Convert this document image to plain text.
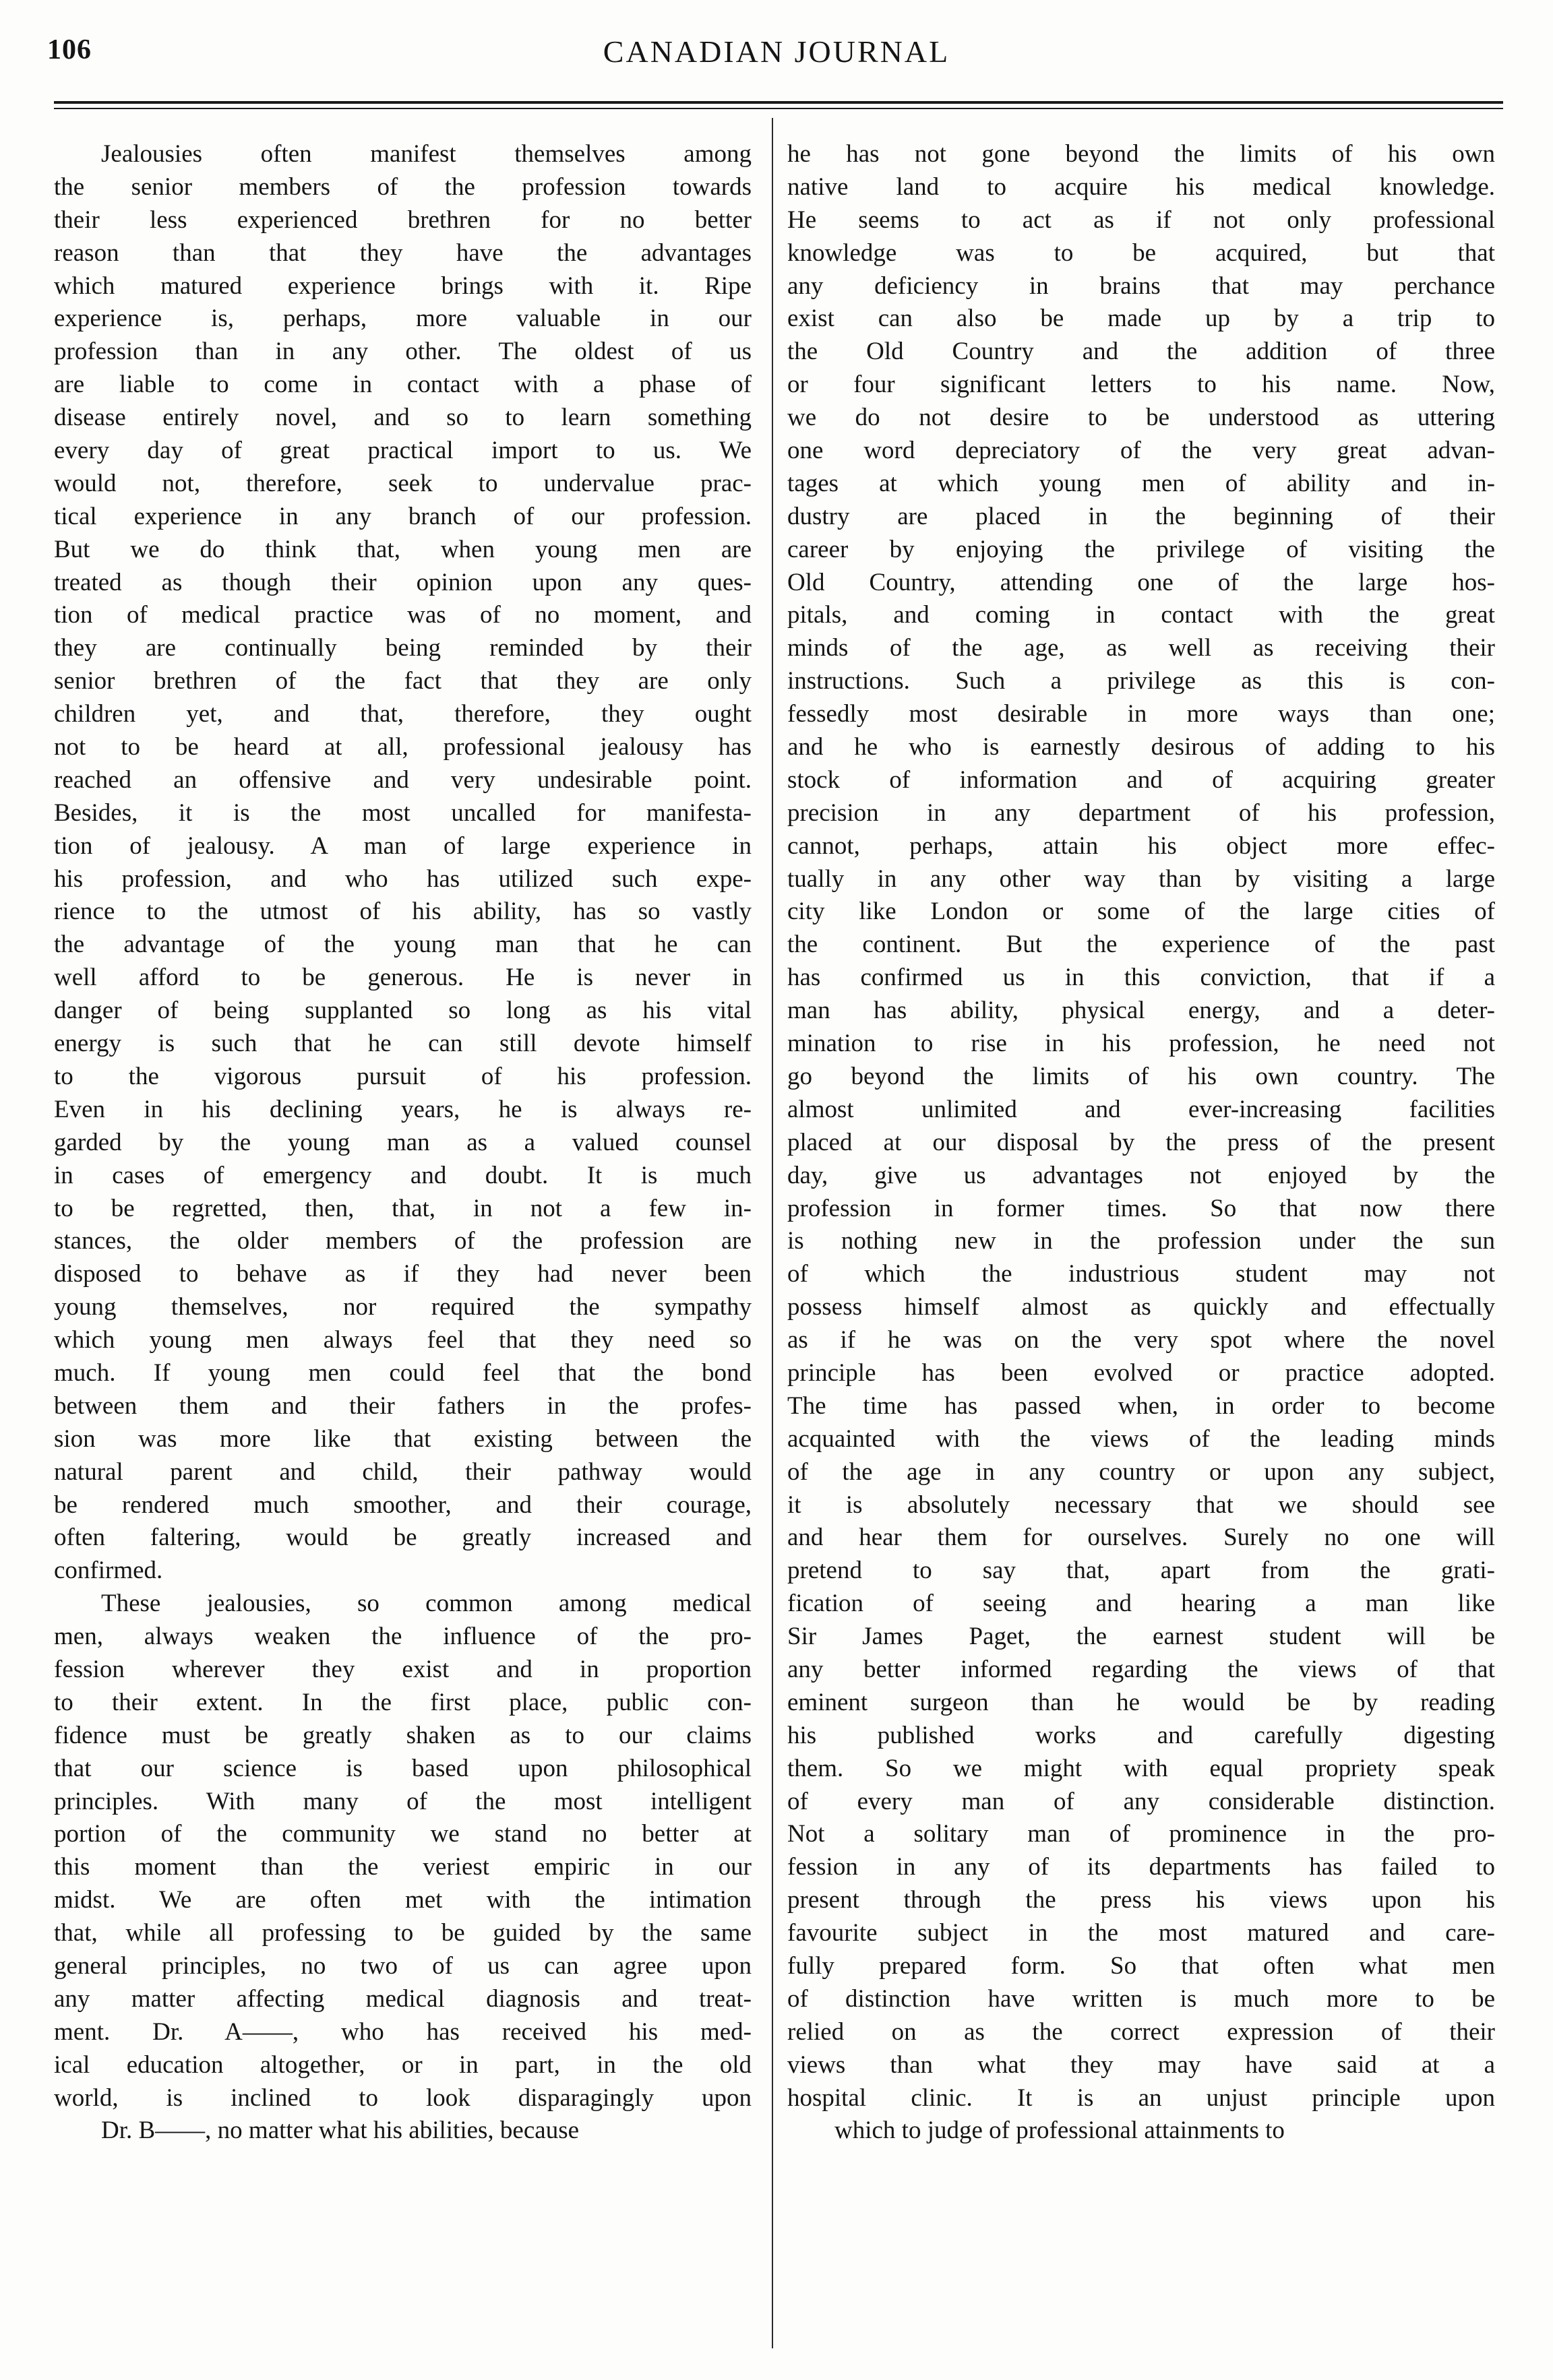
106	CANADIAN JOURNAL
Jealousies often manifest themselves among
the senior members of the profession towards
their less experienced brethren for no better
reason than that they have the advantages
which matured experience brings with it. Ripe
experience is, perhaps, more valuable in our
profession than in any other. The oldest of us
are liable to come in contact with a phase of
disease entirely novel, and so to learn something
every day of great practical import to us. We
would not, therefore, seek to undervalue prac-
tical experience in any branch of our profession.
But we do think that, when young men are
treated as though their opinion upon any ques-
tion of medical practice was of no moment, and
they are continually being reminded by their
senior brethren of the fact that they are only
children yet, and that, therefore, they ought
not to be heard at all, professional jealousy has
reached an offensive and very undesirable point.
Besides, it is the most uncalled for manifesta-
tion of jealousy. A man of large experience in
his profession, and who has utilized such expe-
rience to the utmost of his ability, has so vastly
the advantage of the young man that he can
well afford to be generous. He is never in
danger of being supplanted so long as his vital
energy is such that he can still devote himself
to the vigorous pursuit of his profession.
Even in his declining years, he is always re-
garded by the young man as a valued counsel
in cases of emergency and doubt. It is much
to be regretted, then, that, in not a few in-
stances, the older members of the profession are
disposed to behave as if they had never been
young themselves, nor required the sympathy
which young men always feel that they need so
much. If young men could feel that the bond
between them and their fathers in the profes-
sion was more like that existing between the
natural parent and child, their pathway would
be rendered much smoother, and their courage,
often faltering, would be greatly increased and
confirmed.
These jealousies, so common among medical
men, always weaken the influence of the pro-
fession wherever they exist and in proportion
to their extent. In the first place, public con-
fidence must be greatly shaken as to our claims
that our science is based upon philosophical
principles. With many of the most intelligent
portion of the community we stand no better at
this moment than the veriest empiric in our
midst. We are often met with the intimation
that, while all professing to be guided by the same
general principles, no two of us can agree upon
any matter affecting medical diagnosis and treat-
ment. Dr. A——, who has received his med-
ical education altogether, or in part, in the old
world, is inclined to look disparagingly upon
Dr. B——, no matter what his abilities, because
he has not gone beyond the limits of his own
native land to acquire his medical knowledge.
He seems to act as if not only professional
knowledge was to be acquired, but that
any deficiency in brains that may perchance
exist can also be made up by a trip to
the Old Country and the addition of three
or four significant letters to his name. Now,
we do not desire to be understood as uttering
one word depreciatory of the very great advan-
tages at which young men of ability and in-
dustry are placed in the beginning of their
career by enjoying the privilege of visiting the
Old Country, attending one of the large hos-
pitals, and coming in contact with the great
minds of the age, as well as receiving their
instructions. Such a privilege as this is con-
fessedly most desirable in more ways than one;
and he who is earnestly desirous of adding to his
stock of information and of acquiring greater
precision in any department of his profession,
cannot, perhaps, attain his object more effec-
tually in any other way than by visiting a large
city like London or some of the large cities of
the continent. But the experience of the past
has confirmed us in this conviction, that if a
man has ability, physical energy, and a deter-
mination to rise in his profession, he need not
go beyond the limits of his own country. The
almost unlimited and ever-increasing facilities
placed at our disposal by the press of the present
day, give us advantages not enjoyed by the
profession in former times. So that now there
is nothing new in the profession under the sun
of which the industrious student may not
possess himself almost as quickly and effectually
as if he was on the very spot where the novel
principle has been evolved or practice adopted.
The time has passed when, in order to become
acquainted with the views of the leading minds
of the age in any country or upon any subject,
it is absolutely necessary that we should see
and hear them for ourselves. Surely no one will
pretend to say that, apart from the grati-
fication of seeing and hearing a man like
Sir James Paget, the earnest student will be
any better informed regarding the views of that
eminent surgeon than he would be by reading
his published works and carefully digesting
them. So we might with equal propriety speak
of every man of any considerable distinction.
Not a solitary man of prominence in the pro-
fession in any of its departments has failed to
present through the press his views upon his
favourite subject in the most matured and care-
fully prepared form. So that often what men
of distinction have written is much more to be
relied on as the correct expression of their
views than what they may have said at a
hospital clinic. It is an unjust principle upon
which to judge of professional attainments to
